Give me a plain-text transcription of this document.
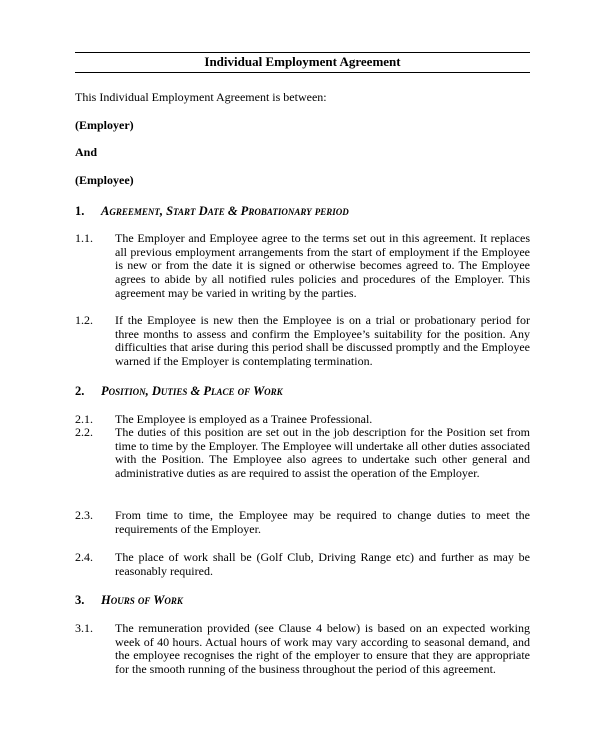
Individual Employment Agreement
This Individual Employment Agreement is between:
(Employer)
And
(Employee)
1. Agreement, Start Date & Probationary period
1.1. The Employer and Employee agree to the terms set out in this agreement. It replaces all previous employment arrangements from the start of employment if the Employee is new or from the date it is signed or otherwise becomes agreed to. The Employee agrees to abide by all notified rules policies and procedures of the Employer. This agreement may be varied in writing by the parties.
1.2. If the Employee is new then the Employee is on a trial or probationary period for three months to assess and confirm the Employee’s suitability for the position. Any difficulties that arise during this period shall be discussed promptly and the Employee warned if the Employer is contemplating termination.
2. Position, Duties & Place of Work
2.1. The Employee is employed as a Trainee Professional.
2.2. The duties of this position are set out in the job description for the Position set from time to time by the Employer. The Employee will undertake all other duties associated with the Position. The Employee also agrees to undertake such other general and administrative duties as are required to assist the operation of the Employer.
2.3. From time to time, the Employee may be required to change duties to meet the requirements of the Employer.
2.4. The place of work shall be (Golf Club, Driving Range etc) and further as may be reasonably required.
3. Hours of Work
3.1. The remuneration provided (see Clause 4 below) is based on an expected working week of 40 hours. Actual hours of work may vary according to seasonal demand, and the employee recognises the right of the employer to ensure that they are appropriate for the smooth running of the business throughout the period of this agreement.
